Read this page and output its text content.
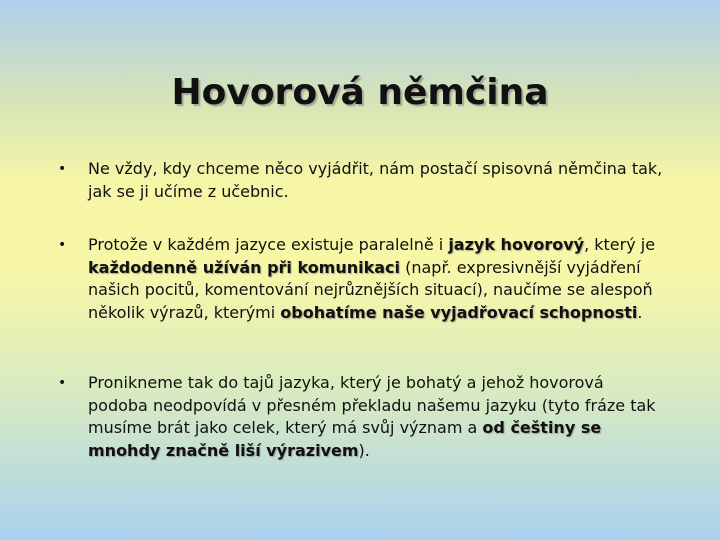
Hovorová němčina
•	Ne vždy, kdy chceme něco vyjádřit, nám postačí spisovná němčina tak, jak se ji učíme z učebnic.
•	Protože v každém jazyce existuje paralelně i jazyk hovorový, který je každodenně užíván při komunikaci (např. expresivnější vyjádření našich pocitů, komentování nejrůznějších situací), naučíme se alespoň několik výrazů, kterými obohatíme naše vyjadřovací schopnosti.
•	Pronikneme tak do tajů jazyka, který je bohatý a jehož hovorová podoba neodpovídá v přesném překladu našemu jazyku (tyto fráze tak musíme brát jako celek, který má svůj význam a od češtiny se mnohdy značně liší výrazivem).
